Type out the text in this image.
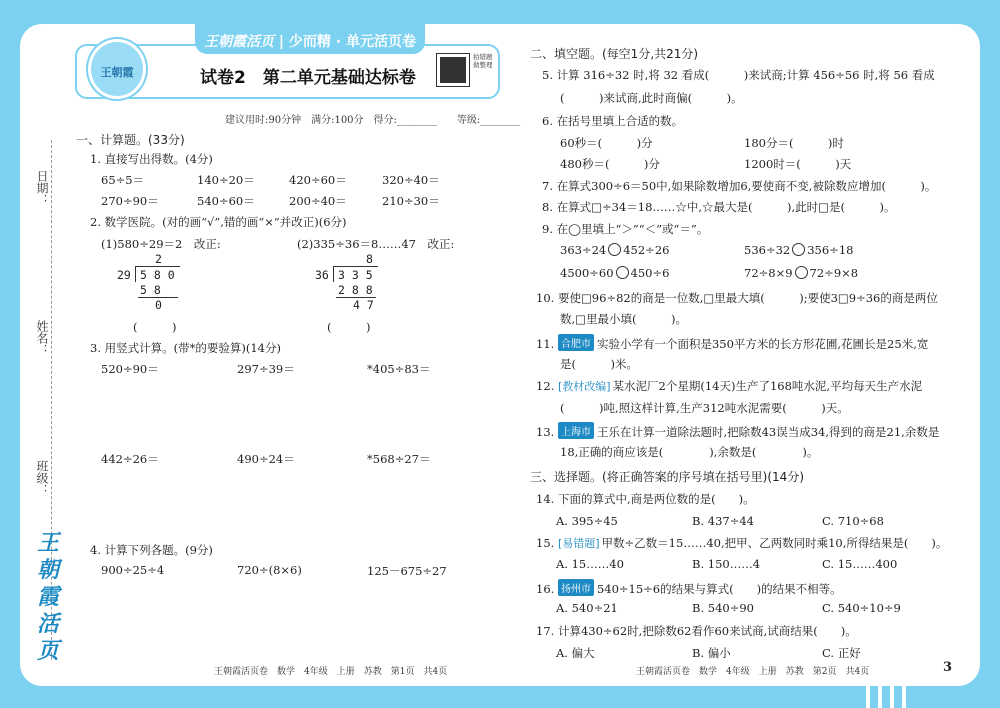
王朝霞活页 | 少而精 · 单元活页卷
日期：
姓名：
班级：
王朝霞活页
王朝霞	试卷2　第二单元基础达标卷
拍错题做整理
建议用时:90分钟　满分:100分　得分:________　　等级:________
一、计算题。(33分)
1. 直接写出得数。(4分)
65÷5＝	140÷20＝	420÷60＝	320÷40＝
270÷90＝	540÷60＝	200÷40＝	210÷30＝
2. 数学医院。(对的画“√”,错的画“×”并改正)(6分)
(1)580÷29＝2　改正:	(2)335÷36＝8……47　改正:
2
29 5 8 0
5 8
0
(　　　)
8
36 3 3 5
2 8 8
4 7
(　　　)
3. 用竖式计算。(带*的要验算)(14分)
520÷90＝	297÷39＝	*405÷83＝
442÷26＝	490÷24＝	*568÷27＝
4. 计算下列各题。(9分)
900÷25÷4	720÷(8×6)	125－675÷27
二、填空题。(每空1分,共21分)
5. 计算 316÷32 时,将 32 看成(　　　)来试商;计算 456÷56 时,将 56 看成
(　　　)来试商,此时商偏(　　　)。
6. 在括号里填上合适的数。
60秒＝(　　　)分	180分＝(　　　)时
480秒＝(　　　)分	1200时＝(　　　)天
7. 在算式300÷6＝50中,如果除数增加6,要使商不变,被除数应增加(　　　)。
8. 在算式□÷34＝18……☆中,☆最大是(　　　),此时□是(　　　)。
9. 在◯里填上“＞”“＜”或“＝”。
363÷24 452÷26	536÷32 356÷18
4500÷60 450÷6	72÷8×9 72÷9×8
10. 要使□96÷82的商是一位数,□里最大填(　　　);要使3□9÷36的商是两位
数,□里最小填(　　　)。
11. 合肥市 实验小学有一个面积是350平方米的长方形花圃,花圃长是25米,宽
是(　　　)米。
12. [教材改编] 某水泥厂2个星期(14天)生产了168吨水泥,平均每天生产水泥
(　　　)吨,照这样计算,生产312吨水泥需要(　　　)天。
13. 上海市 王乐在计算一道除法题时,把除数43误当成34,得到的商是21,余数是
18,正确的商应该是(　　　　),余数是(　　　　)。
三、选择题。(将正确答案的序号填在括号里)(14分)
14. 下面的算式中,商是两位数的是(　　)。
A. 395÷45	B. 437÷44	C. 710÷68
15. [易错题] 甲数÷乙数＝15……40,把甲、乙两数同时乘10,所得结果是(　　)。
A. 15……40	B. 150……4	C. 15……400
16. 扬州市 540÷15÷6的结果与算式(　　)的结果不相等。
A. 540÷21	B. 540÷90	C. 540÷10÷9
17. 计算430÷62时,把除数62看作60来试商,试商结果(　　)。
A. 偏大	B. 偏小	C. 正好
王朝霞活页卷　数学　4年级　上册　苏教　第1页　共4页	王朝霞活页卷　数学　4年级　上册　苏教　第2页　共4页	3
